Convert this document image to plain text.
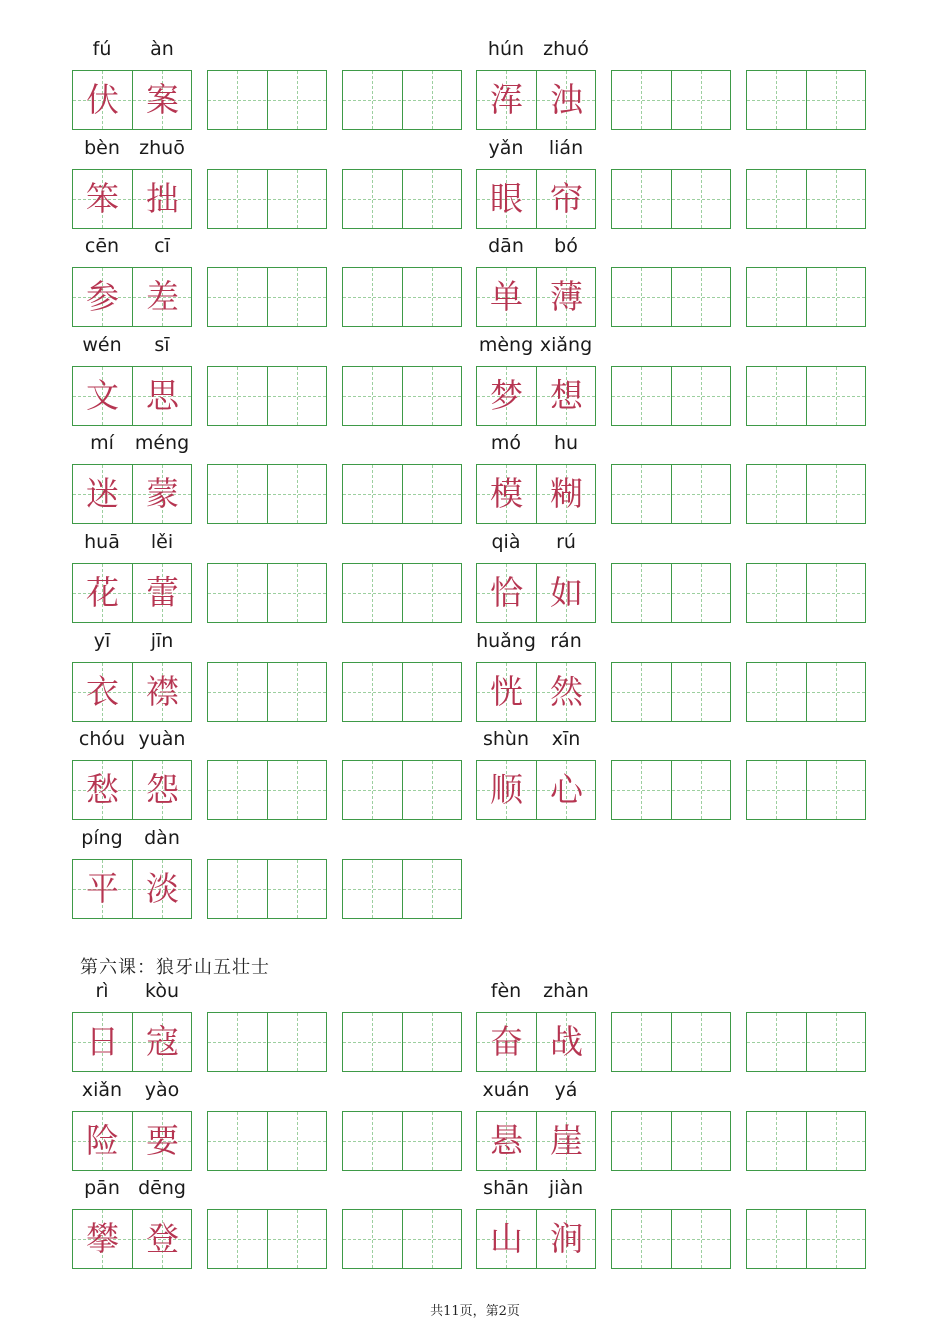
fú	àn
伏 案
hún	zhuó
浑 浊
bèn	zhuō
笨 拙
yǎn	lián
眼 帘
cēn	cī
参 差
dān	bó
单 薄
wén	sī
文 思
mèng xiǎng
梦 想
mí	méng
迷 蒙
mó	hu
模 糊
huā	lěi
花 蕾
qià	rú
恰 如
yī	jīn
衣 襟
huǎng rán
恍 然
chóu yuàn
愁 怨
shùn	xīn
顺 心
píng	dàn
平 淡
rì	kòu
日 寇
fèn	zhàn
奋 战
xiǎn	yào
险 要
xuán	yá
悬 崖
pān dēng
攀 登
shān	jiàn
山 涧
第六课：狼牙山五壮士
共11页，第2页
